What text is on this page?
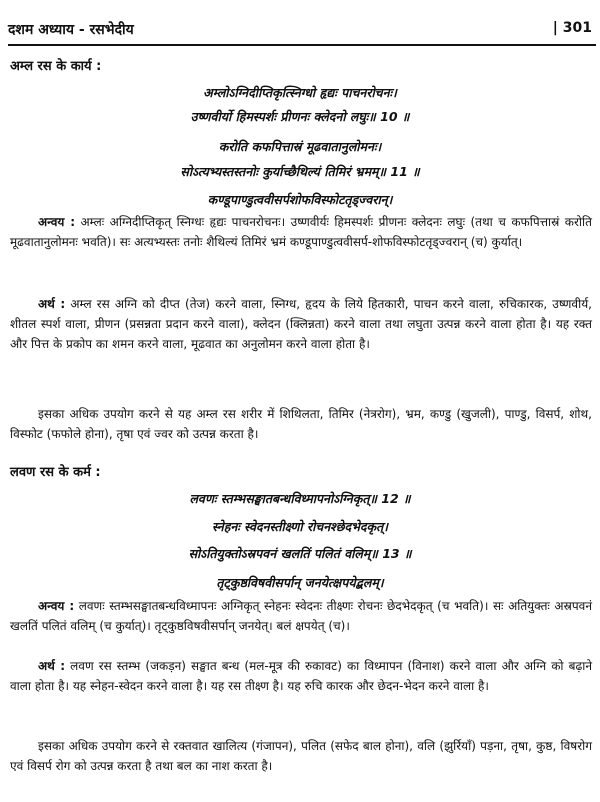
दशम अध्याय - रसभेदीय	| 301
अम्ल रस के कार्य :
अम्लोऽग्निदीप्तिकृत्स्निग्धो हृद्यः पाचनरोचनः।
उष्णवीर्यो हिमस्पर्शः प्रीणनः क्लेदनो लघुः॥ 10 ॥
करोति कफपित्तास्रं मूढवातानुलोमनः।
सोऽत्यभ्यस्तस्तनोः कुर्याच्छैथिल्यं तिमिरं भ्रमम्॥ 11 ॥
कण्डूपाण्डुत्ववीसर्पशोफविस्फोटतृड्ज्वरान्।
अन्वय : अम्लः अग्निदीप्तिकृत् स्निग्धः हृद्यः पाचनरोचनः। उष्णवीर्यः हिमस्पर्शः प्रीणनः क्लेदनः लघुः (तथा च कफपित्तास्रं करोति मूढवातानुलोमनः भवति)। सः अत्यभ्यस्तः तनोः शैथिल्यं तिमिरं भ्रमं कण्डूपाण्डुत्ववीसर्प-शोफविस्फोटतृड्ज्वरान् (च) कुर्यात्।
अर्थ : अम्ल रस अग्नि को दीप्त (तेज) करने वाला, स्निग्ध, हृदय के लिये हितकारी, पाचन करने वाला, रुचिकारक, उष्णवीर्य, शीतल स्पर्श वाला, प्रीणन (प्रसन्नता प्रदान करने वाला), क्लेदन (क्लिन्नता) करने वाला तथा लघुता उत्पन्न करने वाला होता है। यह रक्त और पित्त के प्रकोप का शमन करने वाला, मूढवात का अनुलोमन करने वाला होता है।
इसका अधिक उपयोग करने से यह अम्ल रस शरीर में शिथिलता, तिमिर (नेत्ररोग), भ्रम, कण्डु (खुजली), पाण्डु, विसर्प, शोथ, विस्फोट (फफोले होना), तृषा एवं ज्वर को उत्पन्न करता है।
लवण रस के कर्म :
लवणः स्तम्भसङ्घातबन्धविध्मापनोऽग्निकृत्॥ 12 ॥
स्नेहनः स्वेदनस्तीक्ष्णो रोचनश्छेदभेदकृत्।
सोऽतियुक्तोऽस्रपवनं खलतिं पलितं वलिम्॥ 13 ॥
तृट्कुष्ठविषवीसर्पान् जनयेत्क्षपयेद्बलम्।
अन्वय : लवणः स्तम्भसङ्घातबन्धविध्मापनः अग्निकृत् स्नेहनः स्वेदनः तीक्ष्णः रोचनः छेदभेदकृत् (च भवति)। सः अतियुक्तः अस्रपवनं खलतिं पलितं वलिम् (च कुर्यात्)। तृट्कुष्ठविषवीसर्पान् जनयेत्। बलं क्षपयेत् (च)।
अर्थ : लवण रस स्तम्भ (जकड़न) सङ्घात बन्ध (मल-मूत्र की रुकावट) का विध्मापन (विनाश) करने वाला और अग्नि को बढ़ाने वाला होता है। यह स्नेहन-स्वेदन करने वाला है। यह रस तीक्ष्ण है। यह रुचि कारक और छेदन-भेदन करने वाला है।
इसका अधिक उपयोग करने से रक्तवात खालित्य (गंजापन), पलित (सफेद बाल होना), वलि (झुर्रियाँ) पड़ना, तृषा, कुष्ठ, विषरोग एवं विसर्प रोग को उत्पन्न करता है तथा बल का नाश करता है।
